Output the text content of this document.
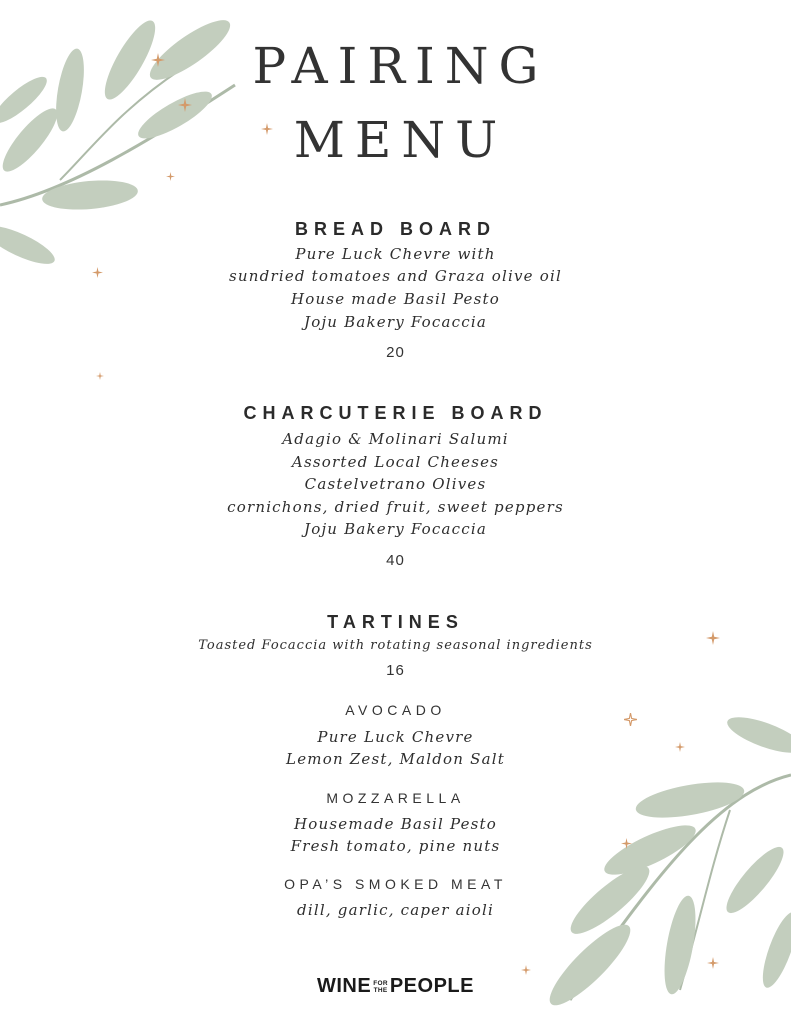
PAIRING
MENU
BREAD BOARD
Pure Luck Chevre with
sundried tomatoes and Graza olive oil
House made Basil Pesto
Joju Bakery Focaccia
20
CHARCUTERIE BOARD
Adagio & Molinari Salumi
Assorted Local Cheeses
Castelvetrano Olives
cornichons, dried fruit, sweet peppers
Joju Bakery Focaccia
40
TARTINES
Toasted Focaccia with rotating seasonal ingredients
16
AVOCADO
Pure Luck Chevre
Lemon Zest, Maldon Salt
MOZZARELLA
Housemade Basil Pesto
Fresh tomato, pine nuts
OPA’S SMOKED MEAT
dill, garlic, caper aioli
WINE FOR
THE PEOPLE
